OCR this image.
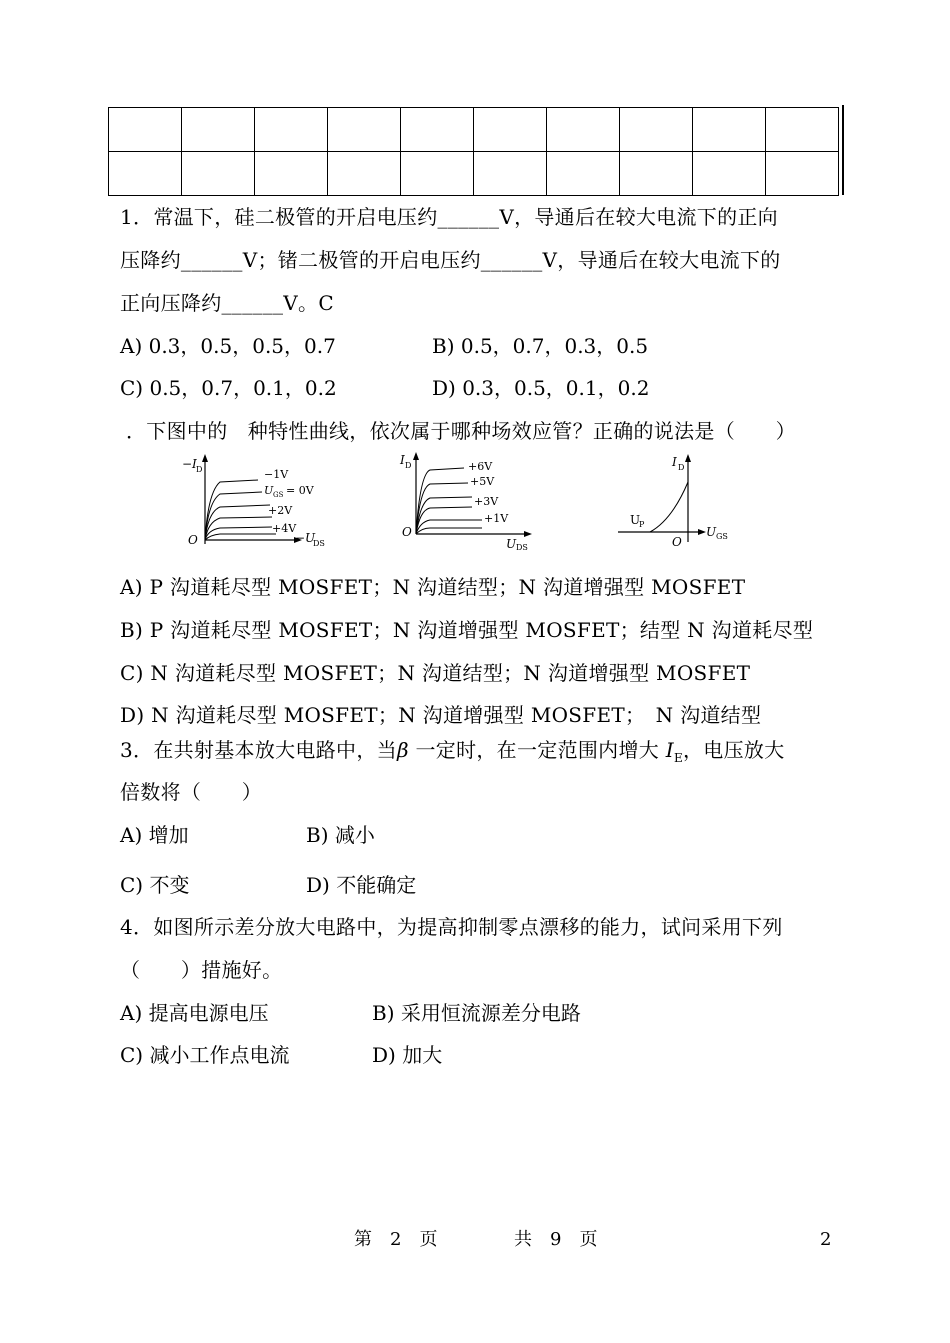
1．常温下，硅二极管的开启电压约______V，导通后在较大电流下的正向
压降约______V；锗二极管的开启电压约______V，导通后在较大电流下的
正向压降约______V。C
A) 0.3，0.5，0.5，0.7	B) 0.5，0.7，0.3，0.5
C) 0.5，0.7，0.1，0.2	D) 0.3，0.5，0.1，0.2
．下图中的　种特性曲线，依次属于哪种场效应管？正确的说法是（　　）
−I D
O	−U
DS
−1V
U GS = 0V
+2V
+4V
I D
O
U DS
+6V
+5V
+3V
+1V
I D
O
U GS
U
P
A) P 沟道耗尽型 MOSFET；N 沟道结型；N 沟道增强型 MOSFET
B) P 沟道耗尽型 MOSFET；N 沟道增强型 MOSFET；结型 N 沟道耗尽型
C) N 沟道耗尽型 MOSFET；N 沟道结型；N 沟道增强型 MOSFET
D) N 沟道耗尽型 MOSFET；N 沟道增强型 MOSFET；　N 沟道结型
3．在共射基本放大电路中，当β 一定时，在一定范围内增大 $I_E$，电压放大
倍数将（　　）
A) 增加	B) 减小
C) 不变	D) 不能确定
4．如图所示差分放大电路中，为提高抑制零点漂移的能力，试问采用下列
（　　）措施好。
A) 提高电源电压	B) 采用恒流源差分电路
C) 减小工作点电流	D) 加大
第　2　页	共　9　页	2
